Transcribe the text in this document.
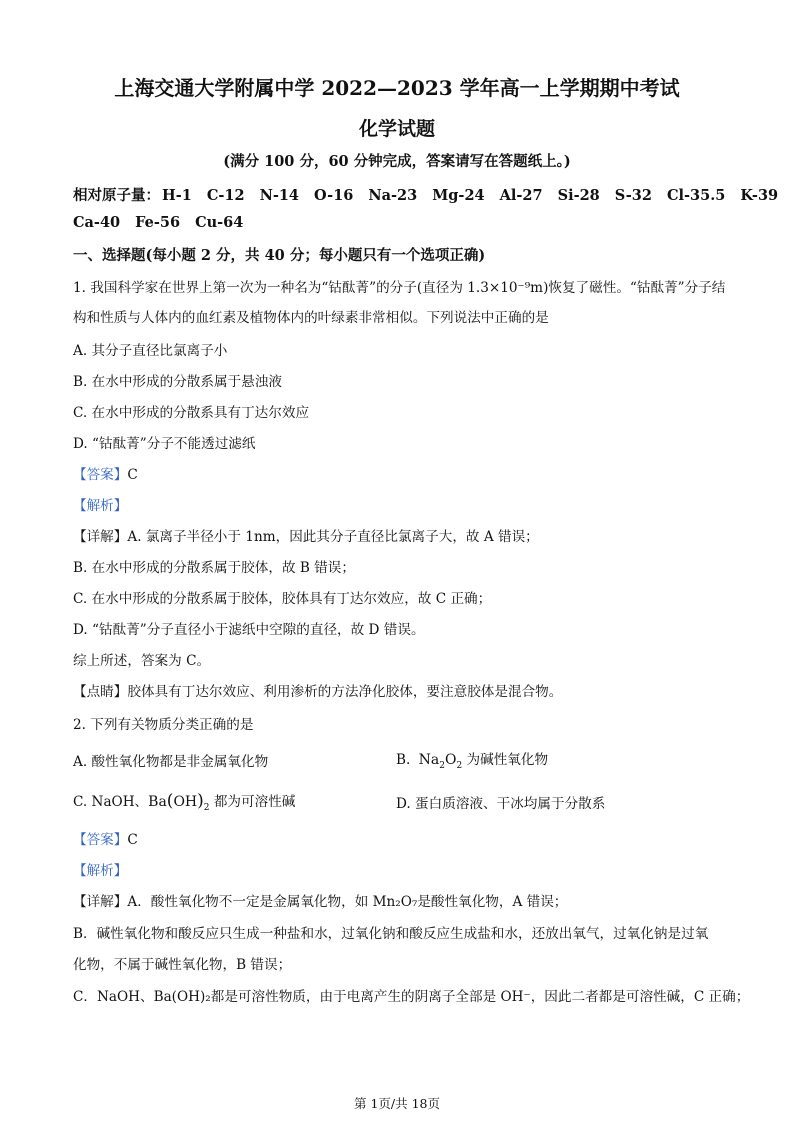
上海交通大学附属中学 2022—2023 学年高一上学期期中考试
化学试题
(满分 100 分，60 分钟完成，答案请写在答题纸上。)
相对原子量： H-1 C-12 N-14 O-16 Na-23 Mg-24 Al-27 Si-28 S-32 Cl-35.5 K-39
Ca-40 Fe-56 Cu-64
一、选择题(每小题 2 分，共 40 分；每小题只有一个选项正确)
1. 我国科学家在世界上第一次为一种名为“钴酞菁”的分子(直径为 1.3×10⁻⁹m)恢复了磁性。“钴酞菁”分子结
构和性质与人体内的血红素及植物体内的叶绿素非常相似。下列说法中正确的是
A. 其分子直径比氯离子小
B. 在水中形成的分散系属于悬浊液
C. 在水中形成的分散系具有丁达尔效应
D. “钴酞菁”分子不能透过滤纸
【答案】C
【解析】
【详解】A. 氯离子半径小于 1nm，因此其分子直径比氯离子大，故 A 错误；
B. 在水中形成的分散系属于胶体，故 B 错误；
C. 在水中形成的分散系属于胶体，胶体具有丁达尔效应，故 C 正确；
D. “钴酞菁”分子直径小于滤纸中空隙的直径，故 D 错误。
综上所述，答案为 C。
【点睛】胶体具有丁达尔效应、利用渗析的方法净化胶体，要注意胶体是混合物。
2. 下列有关物质分类正确的是
A. 酸性氧化物都是非金属氧化物	B. $Na_2O_2$ 为碱性氧化物
C. NaOH、$Ba(OH)_2$ 都为可溶性碱	D. 蛋白质溶液、干冰均属于分散系
【答案】C
【解析】
【详解】A．酸性氧化物不一定是金属氧化物，如 Mn₂O₇是酸性氧化物，A 错误；
B．碱性氧化物和酸反应只生成一种盐和水，过氧化钠和酸反应生成盐和水，还放出氧气，过氧化钠是过氧
化物，不属于碱性氧化物，B 错误；
C．NaOH、Ba(OH)₂都是可溶性物质，由于电离产生的阴离子全部是 OH⁻，因此二者都是可溶性碱，C 正确；
第 1页/共 18页
